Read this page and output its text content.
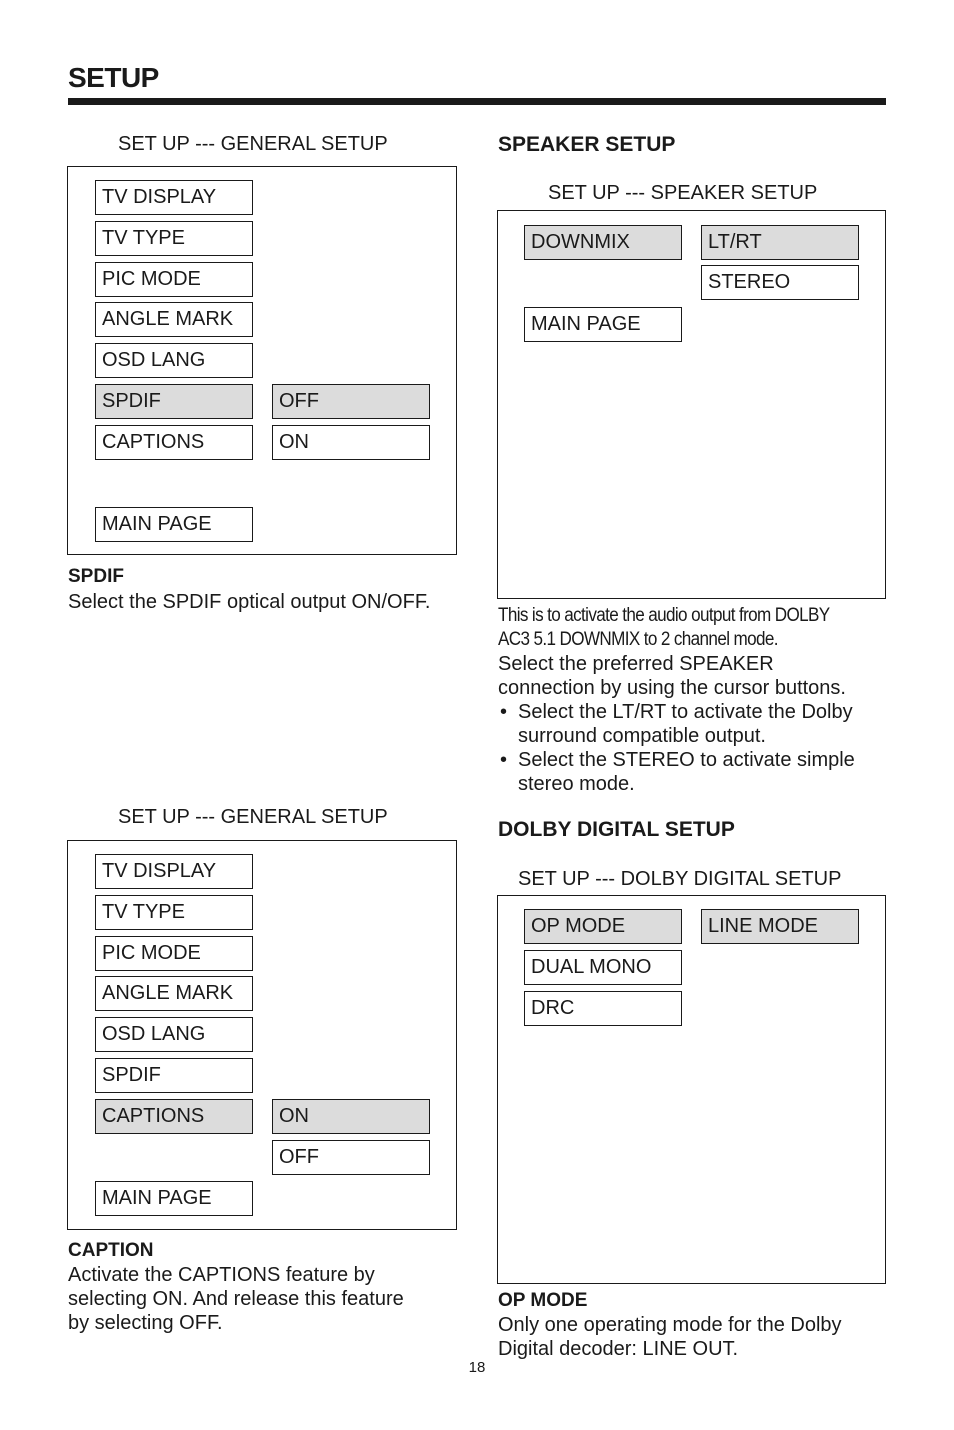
SETUP
SET UP --- GENERAL SETUP
TV DISPLAY
TV TYPE
PIC MODE
ANGLE MARK
OSD LANG
SPDIF
CAPTIONS
MAIN PAGE
OFF
ON
SPDIF
Select the SPDIF optical output ON/OFF.
SET UP --- GENERAL SETUP
TV DISPLAY
TV TYPE
PIC MODE
ANGLE MARK
OSD LANG
SPDIF
CAPTIONS
MAIN PAGE
ON
OFF
CAPTION
Activate the CAPTIONS feature by
selecting ON. And release this feature
by selecting OFF.
SPEAKER SETUP
SET UP --- SPEAKER SETUP
DOWNMIX
MAIN PAGE
LT/RT
STEREO
This is to activate the audio output from DOLBY
AC3 5.1 DOWNMIX to 2 channel mode.
Select the preferred SPEAKER
connection by using the cursor buttons.
• Select the LT/RT to activate the Dolby
surround compatible output.
• Select the STEREO to activate simple
stereo mode.
DOLBY DIGITAL SETUP
SET UP --- DOLBY DIGITAL SETUP
OP MODE
DUAL MONO
DRC
LINE MODE
OP MODE
Only one operating mode for the Dolby
Digital decoder: LINE OUT.
18
